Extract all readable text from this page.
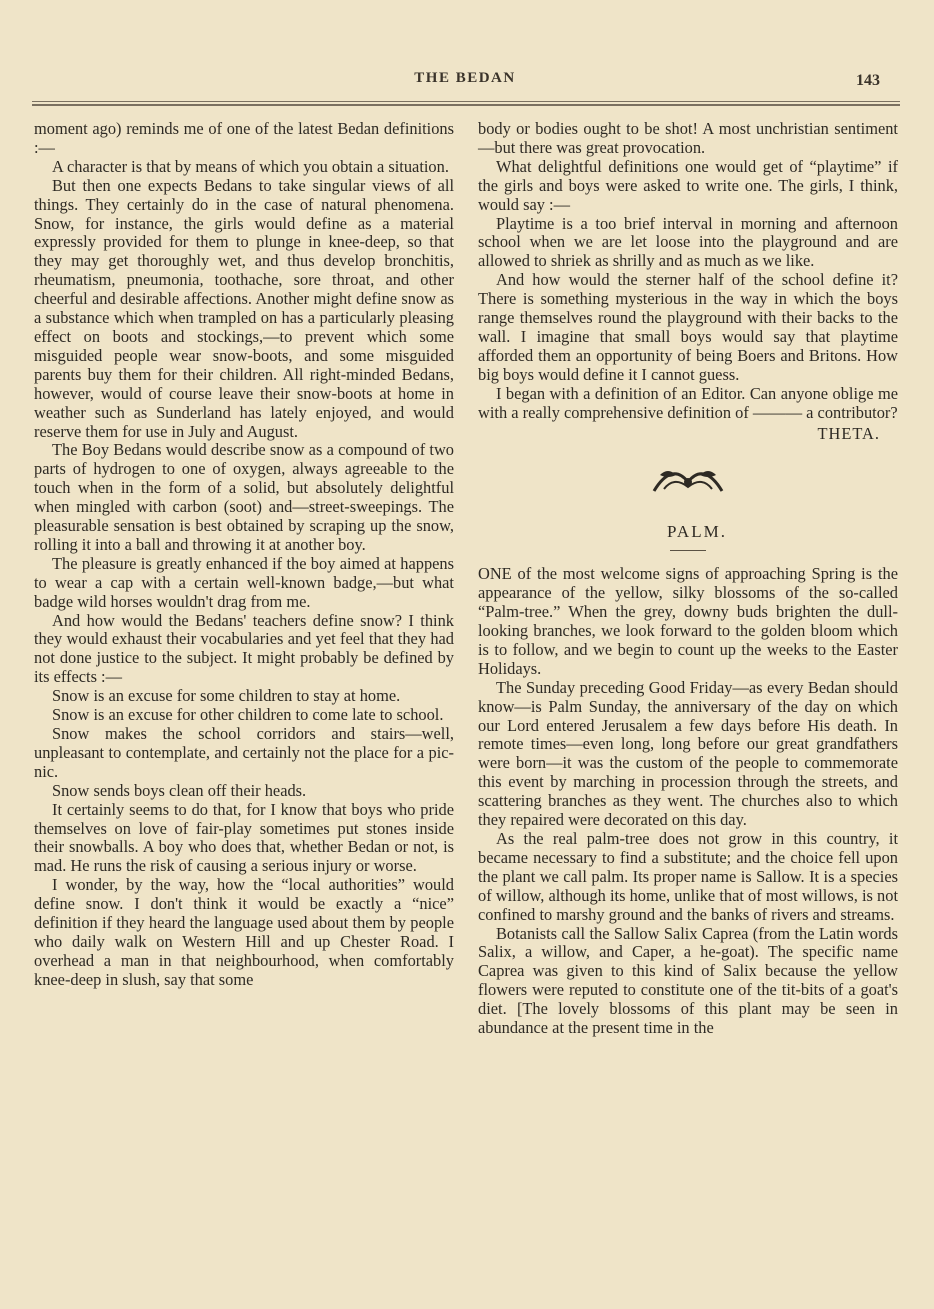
THE BEDAN	143

moment ago) reminds me of one of the latest Bedan definitions :—

A character is that by means of which you obtain a situation.

But then one expects Bedans to take singular views of all things. They certainly do in the case of natural phenomena. Snow, for instance, the girls would define as a material expressly provided for them to plunge in knee-deep, so that they may get thoroughly wet, and thus develop bronchitis, rheumatism, pneumonia, toothache, sore throat, and other cheerful and desirable affections. Another might define snow as a substance which when trampled on has a particularly pleasing effect on boots and stockings,—to prevent which some misguided people wear snow-boots, and some misguided parents buy them for their children. All right-minded Bedans, however, would of course leave their snow-boots at home in weather such as Sunderland has lately enjoyed, and would reserve them for use in July and August.

The Boy Bedans would describe snow as a compound of two parts of hydrogen to one of oxygen, always agreeable to the touch when in the form of a solid, but absolutely delightful when mingled with carbon (soot) and—street-sweepings. The pleasurable sensation is best obtained by scraping up the snow, rolling it into a ball and throwing it at another boy.

The pleasure is greatly enhanced if the boy aimed at happens to wear a cap with a certain well-known badge,—but what badge wild horses wouldn't drag from me.

And how would the Bedans' teachers define snow? I think they would exhaust their vocabularies and yet feel that they had not done justice to the subject. It might probably be defined by its effects :—

Snow is an excuse for some children to stay at home.

Snow is an excuse for other children to come late to school.

Snow makes the school corridors and stairs—well, unpleasant to contemplate, and certainly not the place for a pic-nic.

Snow sends boys clean off their heads.

It certainly seems to do that, for I know that boys who pride themselves on love of fair-play sometimes put stones inside their snowballs. A boy who does that, whether Bedan or not, is mad. He runs the risk of causing a serious injury or worse.

I wonder, by the way, how the “local authorities” would define snow. I don't think it would be exactly a “nice” definition if they heard the language used about them by people who daily walk on Western Hill and up Chester Road. I overhead a man in that neighbourhood, when comfortably knee-deep in slush, say that some

body or bodies ought to be shot! A most unchristian sentiment—but there was great provocation.

What delightful definitions one would get of “playtime” if the girls and boys were asked to write one. The girls, I think, would say :—

Playtime is a too brief interval in morning and afternoon school when we are let loose into the playground and are allowed to shriek as shrilly and as much as we like.

And how would the sterner half of the school define it? There is something mysterious in the way in which the boys range themselves round the playground with their backs to the wall. I imagine that small boys would say that playtime afforded them an opportunity of being Boers and Britons. How big boys would define it I cannot guess.

I began with a definition of an Editor. Can anyone oblige me with a really comprehensive definition of ——— a contributor?

THETA.

PALM.

ONE of the most welcome signs of approaching Spring is the appearance of the yellow, silky blossoms of the so-called “Palm-tree.” When the grey, downy buds brighten the dull-looking branches, we look forward to the golden bloom which is to follow, and we begin to count up the weeks to the Easter Holidays.

The Sunday preceding Good Friday—as every Bedan should know—is Palm Sunday, the anniversary of the day on which our Lord entered Jerusalem a few days before His death. In remote times—even long, long before our great grandfathers were born—it was the custom of the people to commemorate this event by marching in procession through the streets, and scattering branches as they went. The churches also to which they repaired were decorated on this day.

As the real palm-tree does not grow in this country, it became necessary to find a substitute; and the choice fell upon the plant we call palm. Its proper name is Sallow. It is a species of willow, although its home, unlike that of most willows, is not confined to marshy ground and the banks of rivers and streams.

Botanists call the Sallow Salix Caprea (from the Latin words Salix, a willow, and Caper, a he-goat). The specific name Caprea was given to this kind of Salix because the yellow flowers were reputed to constitute one of the tit-bits of a goat's diet. [The lovely blossoms of this plant may be seen in abundance at the present time in the
